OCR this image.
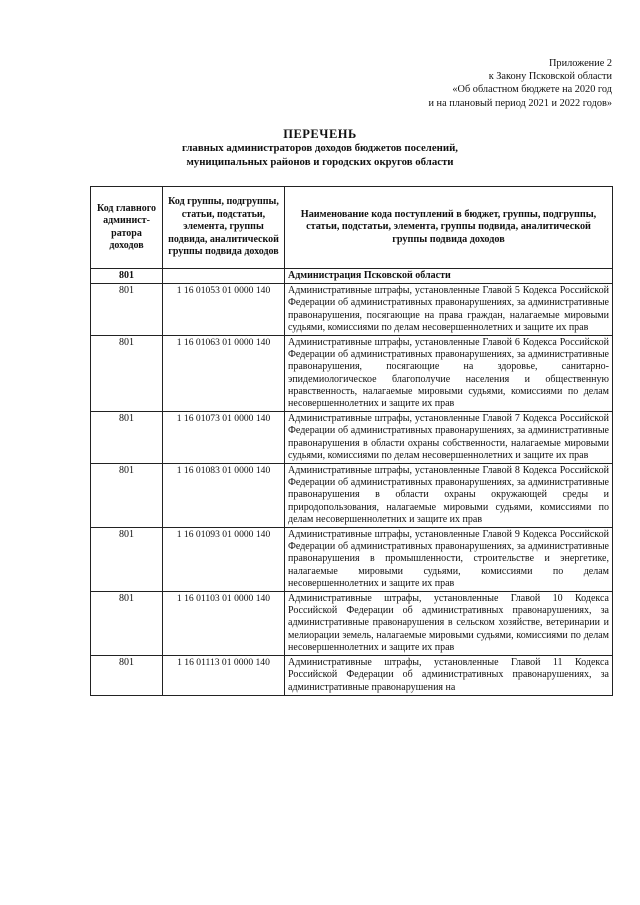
Приложение 2
к Закону Псковской области
«Об областном бюджете на 2020 год
и на плановый период 2021 и 2022 годов»
ПЕРЕЧЕНЬ
главных администраторов доходов бюджетов поселений,
муниципальных районов и городских округов области
Код главного админист-ратора доходов	Код группы, подгруппы, статьи, подстатьи, элемента, группы подвида, аналитической группы подвида доходов	Наименование кода поступлений в бюджет, группы, подгруппы, статьи, подстатьи, элемента, группы подвида, аналитической группы подвида доходов
801		Администрация Псковской области
801	1 16 01053 01 0000 140	Административные штрафы, установленные Главой 5 Кодекса Российской Федерации об административных правонарушениях, за административные правонарушения, посягающие на права граждан, налагаемые мировыми судьями, комиссиями по делам несовершеннолетних и защите их прав
801	1 16 01063 01 0000 140	Административные штрафы, установленные Главой 6 Кодекса Российской Федерации об административных правонарушениях, за административные правонарушения, посягающие на здоровье, санитарно-эпидемиологическое благополучие населения и общественную нравственность, налагаемые мировыми судьями, комиссиями по делам несовершеннолетних и защите их прав
801	1 16 01073 01 0000 140	Административные штрафы, установленные Главой 7 Кодекса Российской Федерации об административных правонарушениях, за административные правонарушения в области охраны собственности, налагаемые мировыми судьями, комиссиями по делам несовершеннолетних и защите их прав
801	1 16 01083 01 0000 140	Административные штрафы, установленные Главой 8 Кодекса Российской Федерации об административных правонарушениях, за административные правонарушения в области охраны окружающей среды и природопользования, налагаемые мировыми судьями, комиссиями по делам несовершеннолетних и защите их прав
801	1 16 01093 01 0000 140	Административные штрафы, установленные Главой 9 Кодекса Российской Федерации об административных правонарушениях, за административные правонарушения в промышленности, строительстве и энергетике, налагаемые мировыми судьями, комиссиями по делам несовершеннолетних и защите их прав
801	1 16 01103 01 0000 140	Административные штрафы, установленные Главой 10 Кодекса Российской Федерации об административных правонарушениях, за административные правонарушения в сельском хозяйстве, ветеринарии и мелиорации земель, налагаемые мировыми судьями, комиссиями по делам несовершеннолетних и защите их прав
801	1 16 01113 01 0000 140	Административные штрафы, установленные Главой 11 Кодекса Российской Федерации об административных правонарушениях, за административные правонарушения на
